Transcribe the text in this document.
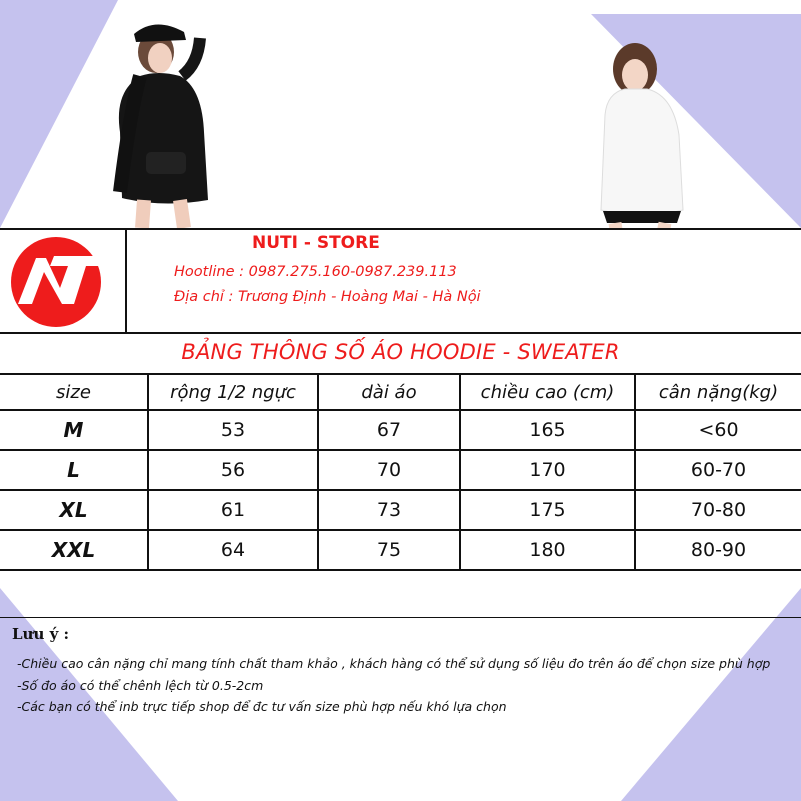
NUTI - STORE
Hootline : 0987.275.160-0987.239.113
Địa chỉ : Trương Định - Hoàng Mai - Hà Nội
BẢNG THÔNG SỐ ÁO HOODIE - SWEATER
size	rộng 1/2 ngực	dài áo	chiều cao (cm)	cân nặng(kg)
M	53	67	165	<60
L	56	70	170	60-70
XL	61	73	175	70-80
XXL	64	75	180	80-90
Lưu ý :
-Chiều cao cân nặng chỉ mang tính chất tham khảo , khách hàng có thể sử dụng số liệu đo trên áo để chọn size phù hợp
-Số đo áo có thể chênh lệch từ 0.5-2cm
-Các bạn có thể inb trực tiếp shop để đc tư vấn size phù hợp nếu khó lựa chọn
